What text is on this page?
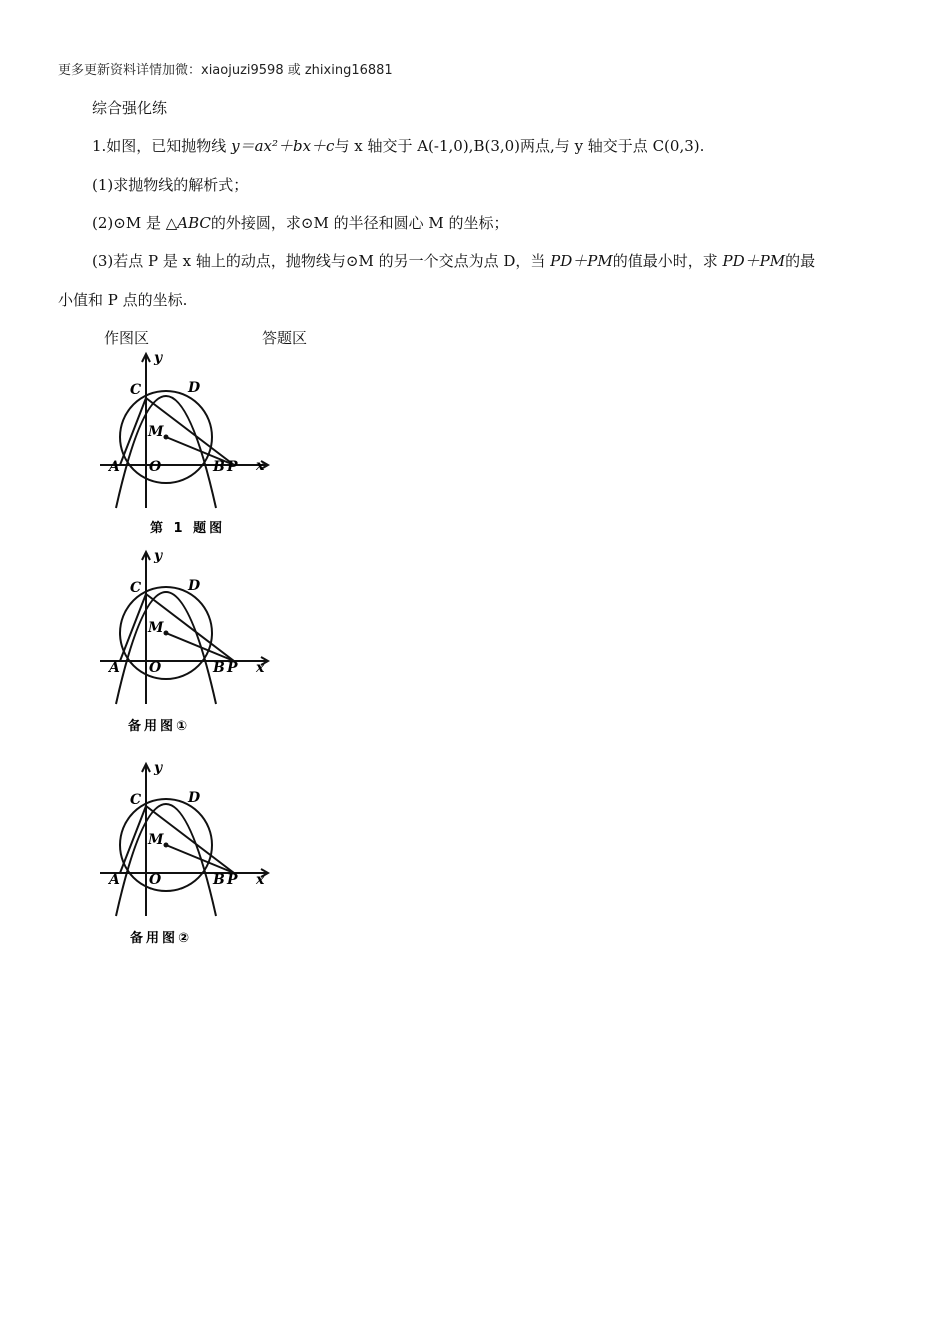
更多更新资料详情加微：xiaojuzi9598 或 zhixing16881
综合强化练
1.如图，已知抛物线 y＝ax²＋bx＋c与 x 轴交于 A(-1,0),B(3,0)两点,与 y 轴交于点 C(0,3).
(1)求抛物线的解析式；
(2)⊙M 是 △ABC的外接圆，求⊙M 的半径和圆心 M 的坐标；
(3)若点 P 是 x 轴上的动点，抛物线与⊙M 的另一个交点为点 D，当 PD＋PM的值最小时，求 PD＋PM的最
小值和 P 点的坐标.
作图区	答题区
y
x
C	D
M
A O	B P
第 1 题图
y
x
C	D
M
A O	B P
备用图①
y
x
C	D
M
A O	B P
备用图②
